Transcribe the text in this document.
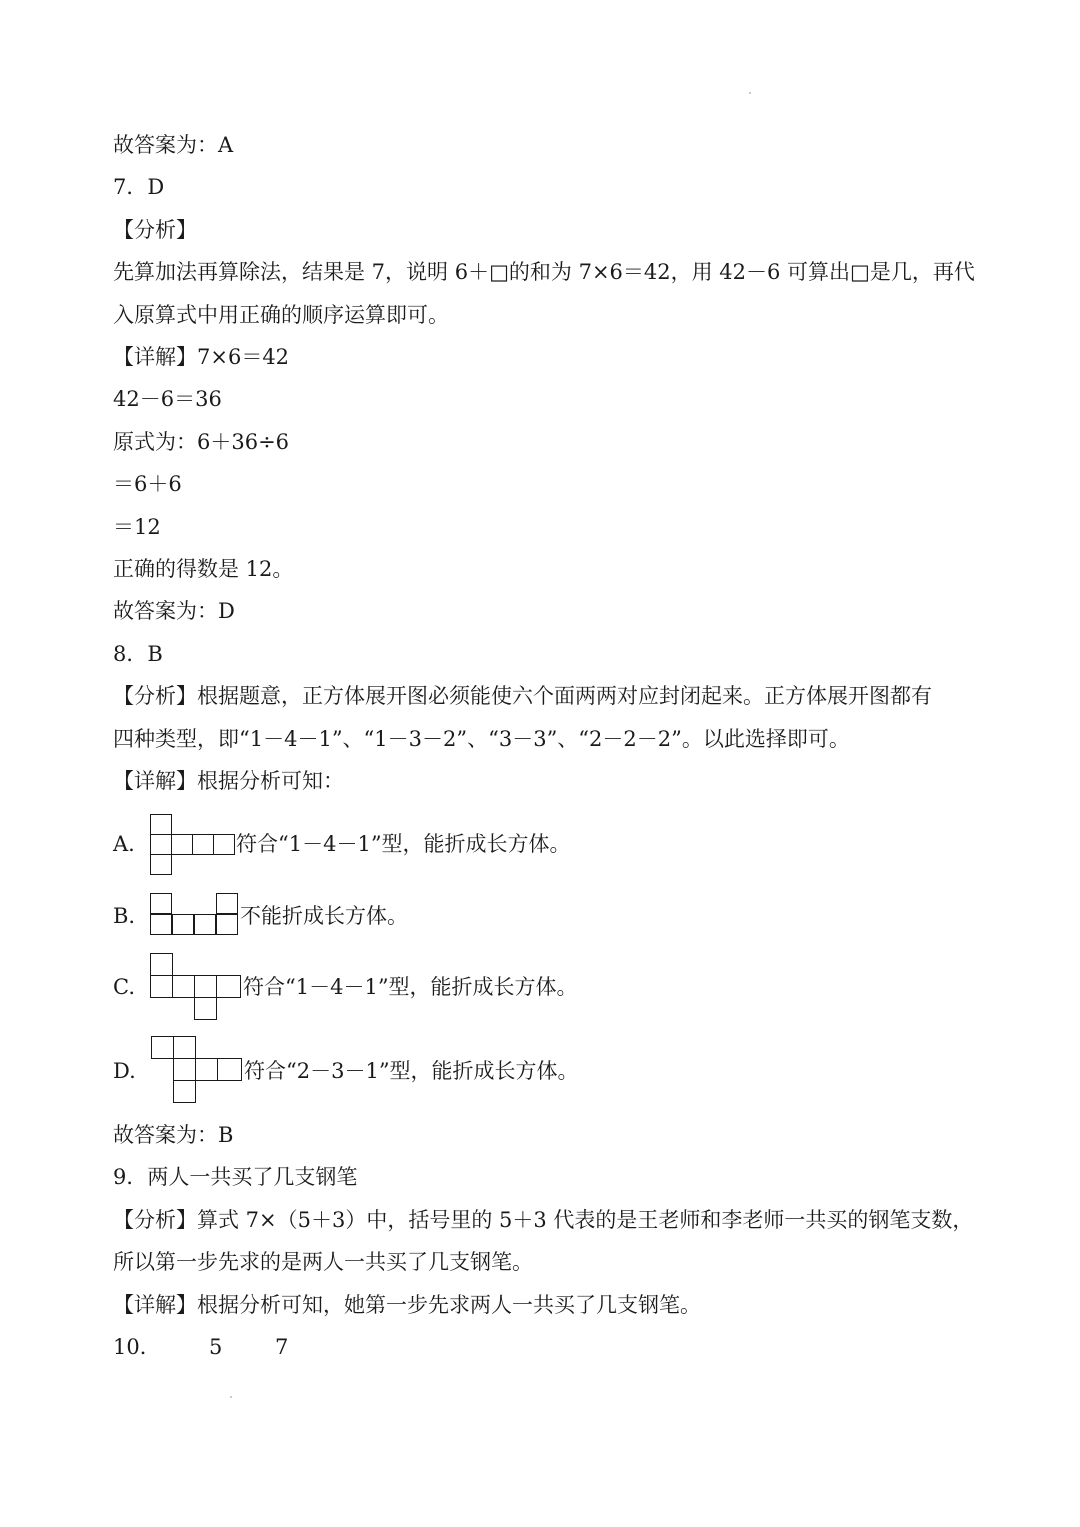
故答案为：A
7．D
【分析】
先算加法再算除法，结果是 7，说明 6＋□的和为 7×6＝42，用 42－6 可算出□是几，再代
入原算式中用正确的顺序运算即可。
【详解】7×6＝42
42－6＝36
原式为：6＋36÷6
＝6＋6
＝12
正确的得数是 12。
故答案为：D
8．B
【分析】根据题意，正方体展开图必须能使六个面两两对应封闭起来。正方体展开图都有
四种类型，即“1－4－1”、“1－3－2”、“3－3”、“2－2－2”。以此选择即可。
【详解】根据分析可知：
A.	符合“1－4－1”型，能折成长方体。
B.	不能折成长方体。
C.	符合“1－4－1”型，能折成长方体。
D.	符合“2－3－1”型，能折成长方体。
故答案为：B
9．两人一共买了几支钢笔
【分析】算式 7×（5＋3）中，括号里的 5＋3 代表的是王老师和李老师一共买的钢笔支数，
所以第一步先求的是两人一共买了几支钢笔。
【详解】根据分析可知，她第一步先求两人一共买了几支钢笔。
10． 5	7
